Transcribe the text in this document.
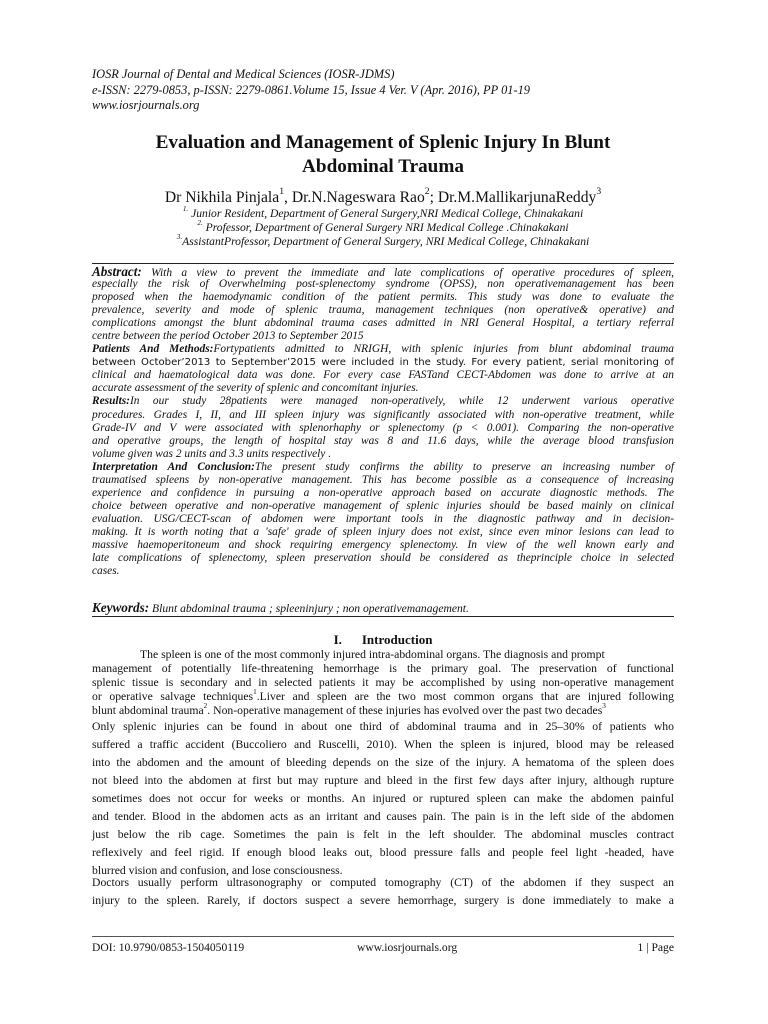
IOSR Journal of Dental and Medical Sciences (IOSR-JDMS)
e-ISSN: 2279-0853, p-ISSN: 2279-0861.Volume 15, Issue 4 Ver. V (Apr. 2016), PP 01-19
www.iosrjournals.org
Evaluation and Management of Splenic Injury In Blunt
Abdominal Trauma
Dr Nikhila Pinjala$^1$, Dr.N.Nageswara Rao$^2$; Dr.M.MallikarjunaReddy$^3$
$^{1.}$ Junior Resident, Department of General Surgery,NRI Medical College, Chinakakani
$^{2.}$ Professor, Department of General Surgery NRI Medical College .Chinakakani
$^{3.}$AssistantProfessor, Department of General Surgery, NRI Medical College, Chinakakani
Abstract: With a view to prevent the immediate and late complications of operative procedures of spleen,
especially the risk of Overwhelming post-splenectomy syndrome (OPSS), non operativemanagement has been
proposed when the haemodynamic condition of the patient permits. This study was done to evaluate the
prevalence, severity and mode of splenic trauma, management techniques (non operative& operative) and
complications amongst the blunt abdominal trauma cases admitted in NRI General Hospital, a tertiary referral
centre between the period October 2013 to September 2015
Patients And Methods:Fortypatients admitted to NRIGH, with splenic injuries from blunt abdominal trauma
between October’2013 to September’2015 were included in the study. For every patient, serial monitoring of
clinical and haematological data was done. For every case FASTand CECT-Abdomen was done to arrive at an
accurate assessment of the severity of splenic and concomitant injuries.
Results:In our study 28patients were managed non-operatively, while 12 underwent various operative
procedures. Grades I, II, and III spleen injury was significantly associated with non-operative treatment, while
Grade-IV and V were associated with splenorhaphy or splenectomy (p < 0.001). Comparing the non-operative
and operative groups, the length of hospital stay was 8 and 11.6 days, while the average blood transfusion
volume given was 2 units and 3.3 units respectively .
Interpretation And Conclusion:The present study confirms the ability to preserve an increasing number of
traumatised spleens by non-operative management. This has become possible as a consequence of increasing
experience and confidence in pursuing a non-operative approach based on accurate diagnostic methods. The
choice between operative and non-operative management of splenic injuries should be based mainly on clinical
evaluation. USG/CECT-scan of abdomen were important tools in the diagnostic pathway and in decision-
making. It is worth noting that a 'safe' grade of spleen injury does not exist, since even minor lesions can lead to
massive haemoperitoneum and shock requiring emergency splenectomy. In view of the well known early and
late complications of splenectomy, spleen preservation should be considered as theprinciple choice in selected
cases.
Keywords: Blunt abdominal trauma ; spleeninjury ; non operativemanagement.
I. Introduction
The spleen is one of the most commonly injured intra-abdominal organs. The diagnosis and prompt
management of potentially life-threatening hemorrhage is the primary goal. The preservation of functional
splenic tissue is secondary and in selected patients it may be accomplished by using non-operative management
or operative salvage techniques$^1$.Liver and spleen are the two most common organs that are injured following
blunt abdominal trauma$^2$. Non-operative management of these injuries has evolved over the past two decades$^3$
Only splenic injuries can be found in about one third of abdominal trauma and in 25–30% of patients who
suffered a traffic accident (Buccoliero and Ruscelli, 2010). When the spleen is injured, blood may be released
into the abdomen and the amount of bleeding depends on the size of the injury. A hematoma of the spleen does
not bleed into the abdomen at first but may rupture and bleed in the first few days after injury, although rupture
sometimes does not occur for weeks or months. An injured or ruptured spleen can make the abdomen painful
and tender. Blood in the abdomen acts as an irritant and causes pain. The pain is in the left side of the abdomen
just below the rib cage. Sometimes the pain is felt in the left shoulder. The abdominal muscles contract
reflexively and feel rigid. If enough blood leaks out, blood pressure falls and people feel light -headed, have
blurred vision and confusion, and lose consciousness.
Doctors usually perform ultrasonography or computed tomography (CT) of the abdomen if they suspect an
injury to the spleen. Rarely, if doctors suspect a severe hemorrhage, surgery is done immediately to make a
DOI: 10.9790/0853-1504050119	www.iosrjournals.org	1 | Page
